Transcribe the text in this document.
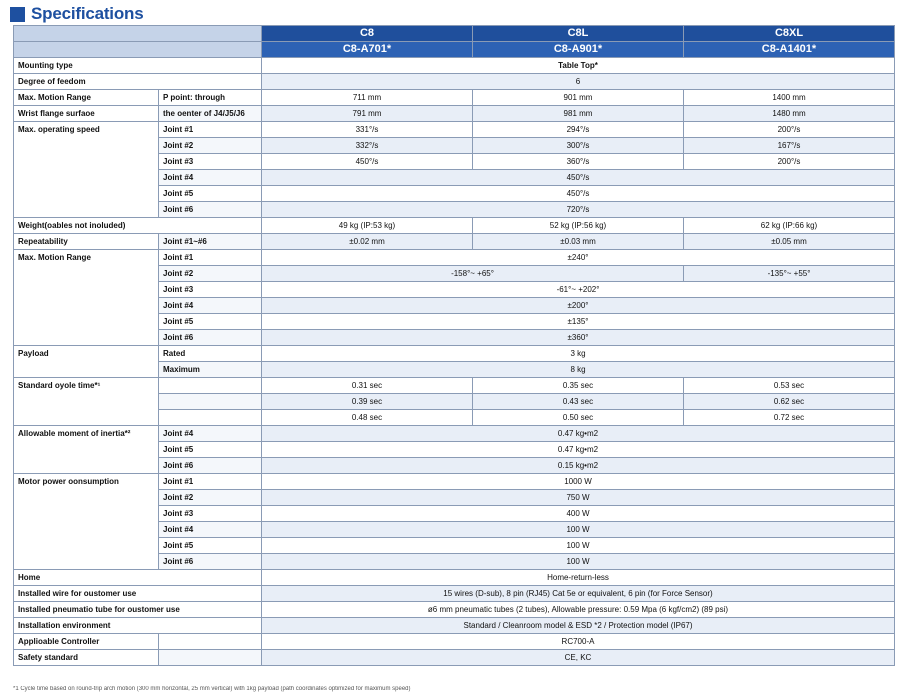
Specifications
		C8	C8L	C8XL
		C8-A701*	C8-A901*	C8-A1401*
Mounting type		Table Top*		
Degree of feedom		6		
Max. Motion Range	P point: through	711 mm	901 mm	1400 mm
Wrist flange surfaoe	the oenter of J4/J5/J6	791 mm	981 mm	1480 mm
Max. operating speed	Joint #1	331°/s	294°/s	200°/s
	Joint #2	332°/s	300°/s	167°/s
	Joint #3	450°/s	360°/s	200°/s
	Joint #4	450°/s		
	Joint #5	450°/s		
	Joint #6	720°/s		
Weight(oables not inoluded)		49 kg (IP:53 kg)	52 kg (IP:56 kg)	62 kg (IP:66 kg)
Repeatability	Joint #1~#6	±0.02 mm	±0.03 mm	±0.05 mm
Max. Motion Range	Joint #1	±240°		
	Joint #2	-158°~ +65°		-135°~ +55°
	Joint #3	-61°~ +202°		
	Joint #4	±200°		
	Joint #5	±135°		
	Joint #6	±360°		
Payload	Rated	3 kg		
	Maximum	8 kg		
Standard oyole time*¹		0.31 sec	0.35 sec	0.53 sec
		0.39 sec	0.43 sec	0.62 sec
		0.48 sec	0.50 sec	0.72 sec
Allowable moment of inertia*²	Joint #4	0.47 kg•m2		
	Joint #5	0.47 kg•m2		
	Joint #6	0.15 kg•m2		
Motor power oonsumption	Joint #1	1000 W		
	Joint #2	750 W		
	Joint #3	400 W		
	Joint #4	100 W		
	Joint #5	100 W		
	Joint #6	100 W		
Home		Home-return-less		
Installed wire for oustomer use		15 wires (D-sub), 8 pin (RJ45) Cat 5e or equivalent, 6 pin (for Force Sensor)		
Installed pneumatio tube for oustomer use		ø6 mm pneumatic tubes (2 tubes), Allowable pressure: 0.59 Mpa (6 kgf/cm2) (89 psi)		
Installation environment		Standard / Cleanroom model & ESD *2 / Protection model (IP67)		
Applioable Controller		RC700-A		
Safety standard		CE, KC		
*1 Cycle time based on round-trip arch motion (300 mm horizontal, 25 mm vertical) with 1kg payload (path coordinates optimized for maximum speed)
